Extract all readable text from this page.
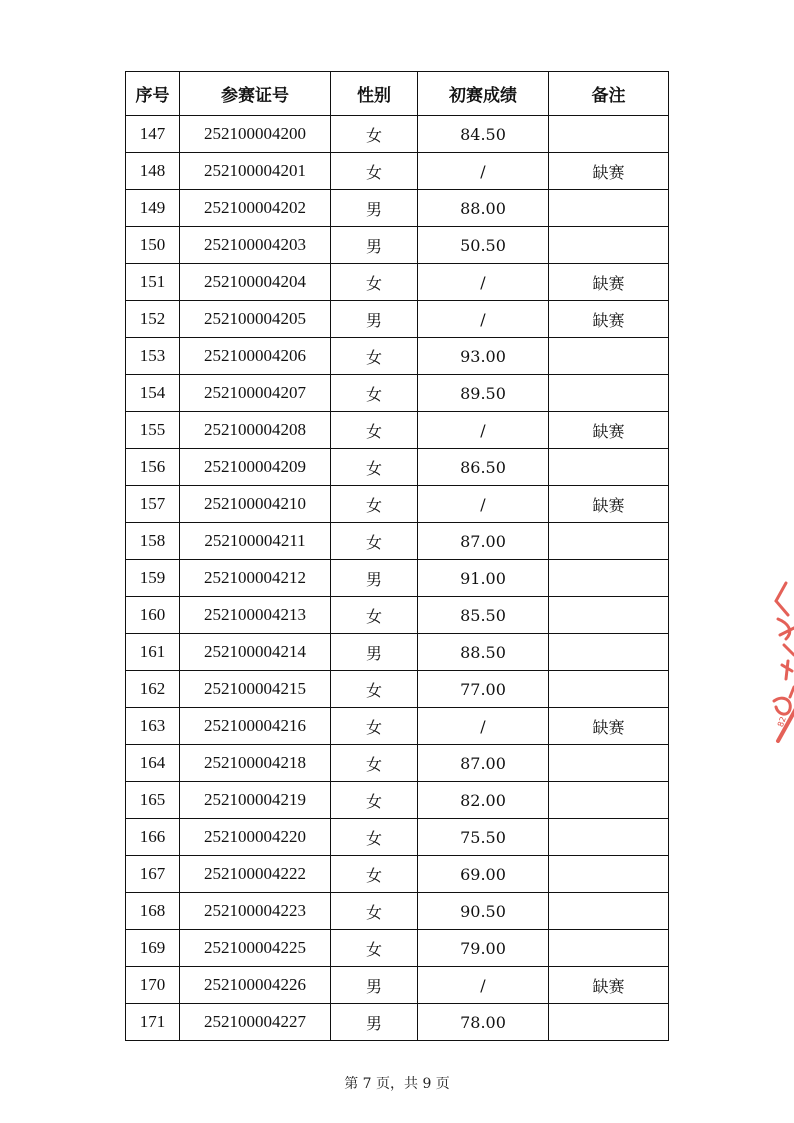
序号	参赛证号	性别	初赛成绩	备注
147	252100004200	女	84.50	
148	252100004201	女	/	缺赛
149	252100004202	男	88.00	
150	252100004203	男	50.50	
151	252100004204	女	/	缺赛
152	252100004205	男	/	缺赛
153	252100004206	女	93.00	
154	252100004207	女	89.50	
155	252100004208	女	/	缺赛
156	252100004209	女	86.50	
157	252100004210	女	/	缺赛
158	252100004211	女	87.00	
159	252100004212	男	91.00	
160	252100004213	女	85.50	
161	252100004214	男	88.50	
162	252100004215	女	77.00	
163	252100004216	女	/	缺赛
164	252100004218	女	87.00	
165	252100004219	女	82.00	
166	252100004220	女	75.50	
167	252100004222	女	69.00	
168	252100004223	女	90.50	
169	252100004225	女	79.00	
170	252100004226	男	/	缺赛
171	252100004227	男	78.00	
第 7 页，共 9 页
82
